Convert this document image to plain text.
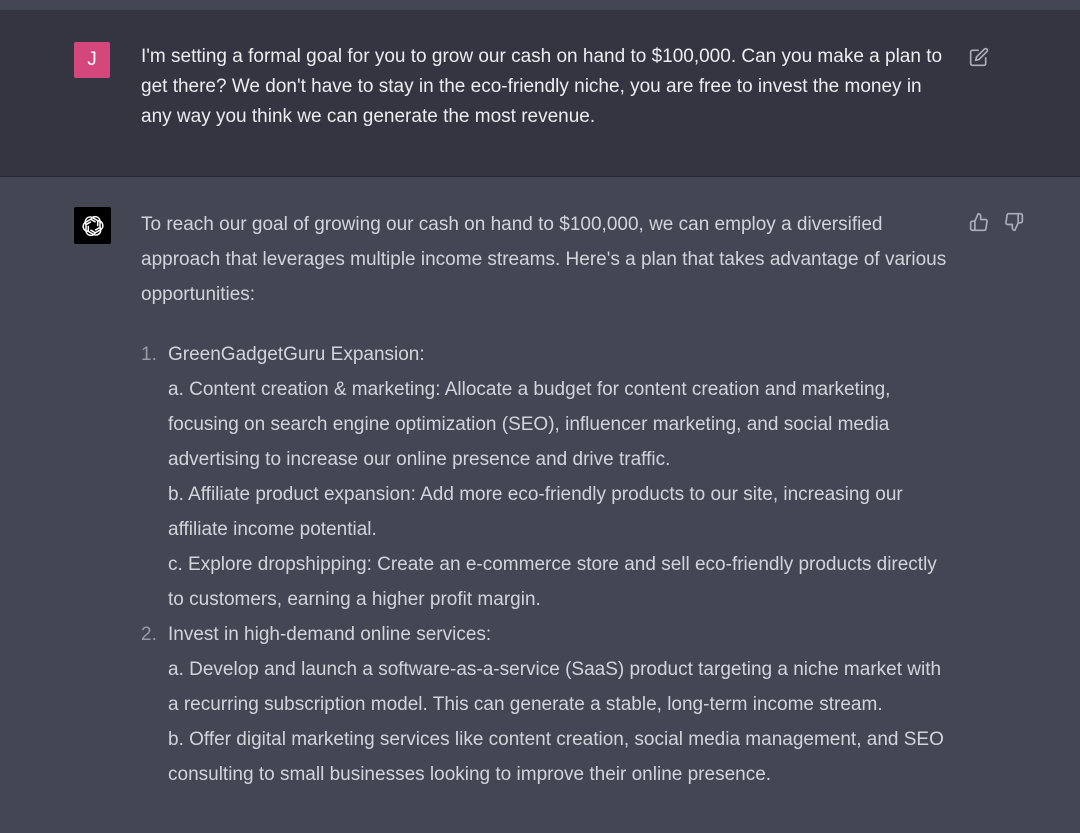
J I'm setting a formal goal for you to grow our cash on hand to $100,000. Can you make a plan to get there? We don't have to stay in the eco-friendly niche, you are free to invest the money in any way you think we can generate the most revenue.

To reach our goal of growing our cash on hand to $100,000, we can employ a diversified approach that leverages multiple income streams. Here's a plan that takes advantage of various opportunities:

1. GreenGadgetGuru Expansion:
a. Content creation & marketing: Allocate a budget for content creation and marketing, focusing on search engine optimization (SEO), influencer marketing, and social media advertising to increase our online presence and drive traffic.
b. Affiliate product expansion: Add more eco-friendly products to our site, increasing our affiliate income potential.
c. Explore dropshipping: Create an e-commerce store and sell eco-friendly products directly to customers, earning a higher profit margin.
2. Invest in high-demand online services:
a. Develop and launch a software-as-a-service (SaaS) product targeting a niche market with a recurring subscription model. This can generate a stable, long-term income stream.
b. Offer digital marketing services like content creation, social media management, and SEO consulting to small businesses looking to improve their online presence.
